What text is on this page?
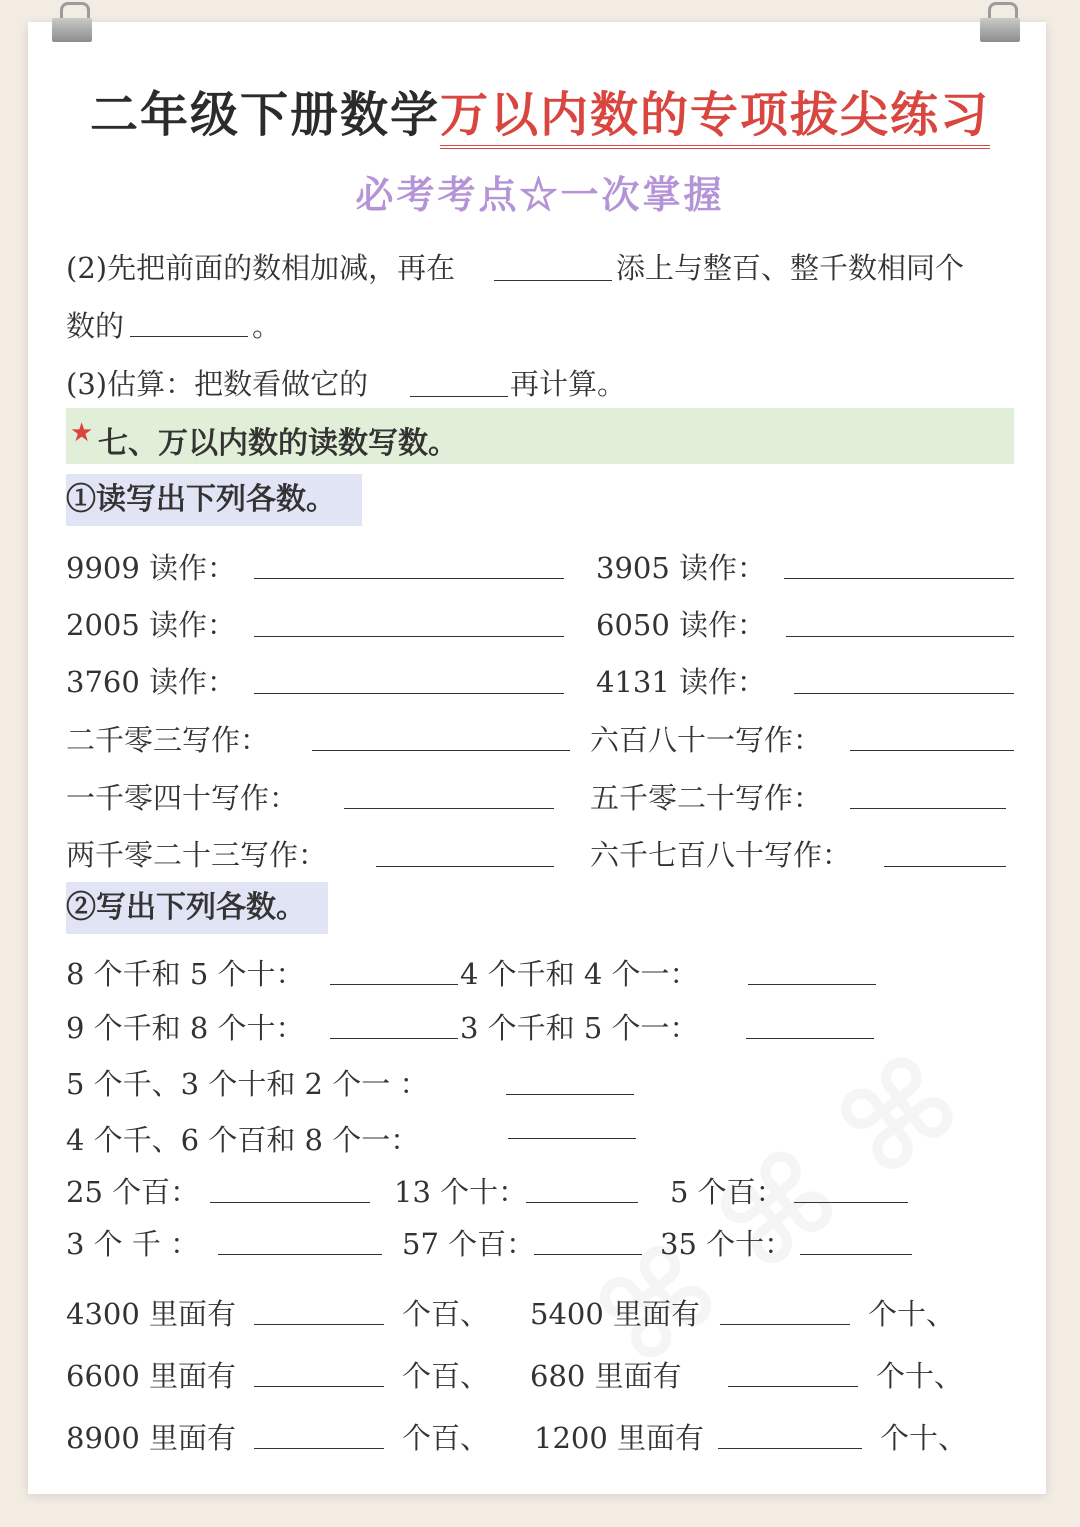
二年级下册数学万以内数的专项拔尖练习
必考考点☆一次掌握
(2)先把前面的数相加减，再在	添上与整百、整千数相同个
数的	。
(3)估算：把数看做它的	再计算。
★ 七、万以内数的读数写数。
①读写出下列各数。
9909 读作：	3905 读作：
2005 读作：	6050 读作：
3760 读作：	4131 读作：
二千零三写作：	六百八十一写作：
一千零四十写作：	五千零二十写作：
两千零二十三写作：	六千七百八十写作：
②写出下列各数。
8 个千和 5 个十：	4 个千和 4 个一：
9 个千和 8 个十：	3 个千和 5 个一：
5 个千、3 个十和 2 个一 ：
4 个千、6 个百和 8 个一：
25 个百：	13 个十：	5 个百：
3 个 千 ：	57 个百：	35 个十：
4300 里面有	个百、 5400 里面有	个十、
6600 里面有	个百、 680 里面有	个十、
8900 里面有	个百、 1200 里面有	个十、
